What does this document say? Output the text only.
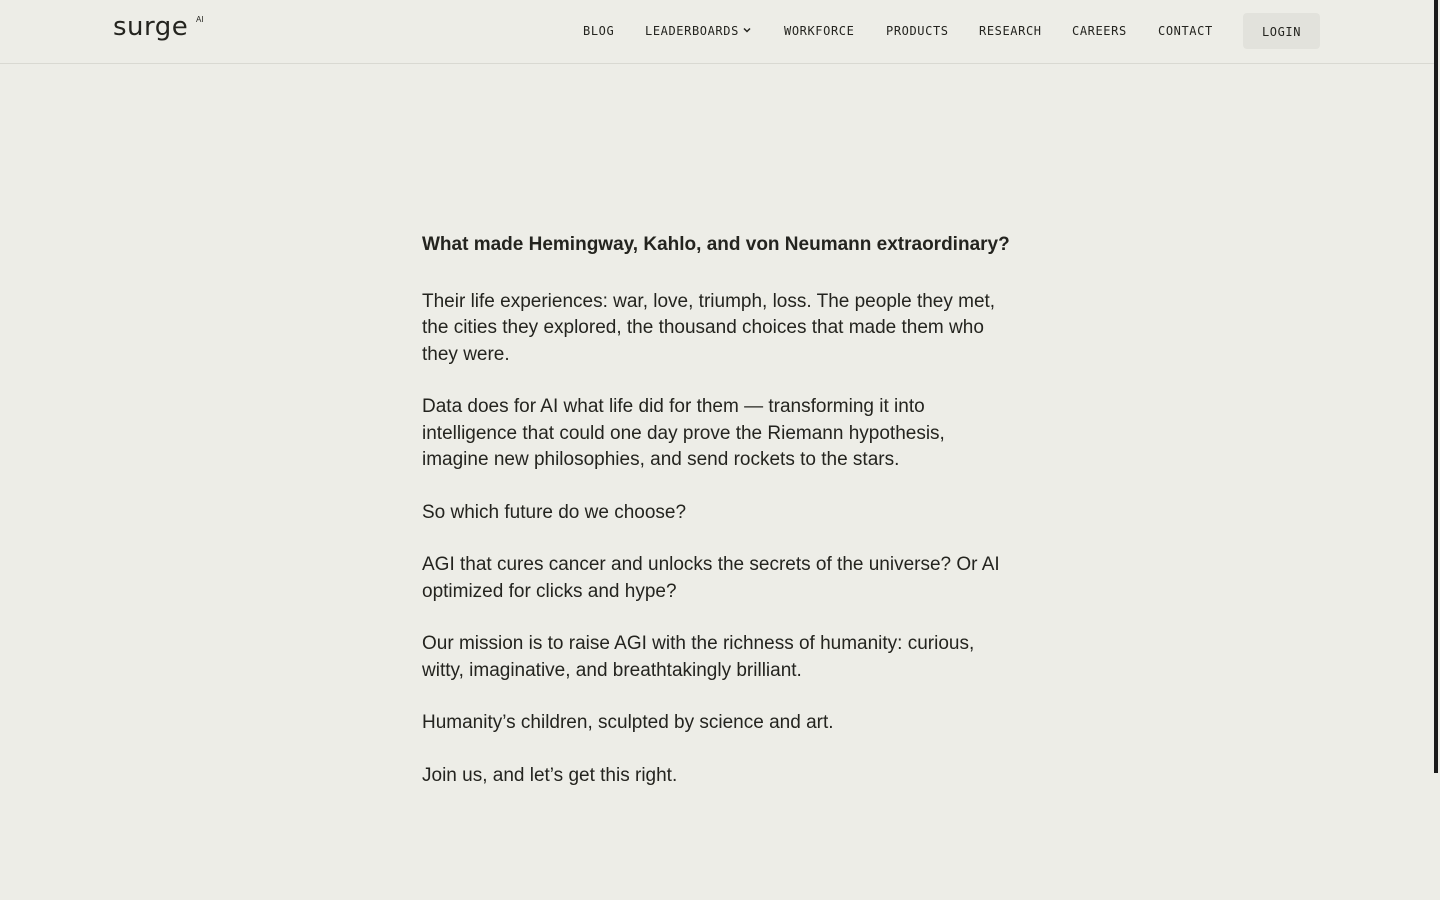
surge AI
BLOG	LEADERBOARDS	WORKFORCE	PRODUCTS	RESEARCH	CAREERS	CONTACT	LOGIN

What made Hemingway, Kahlo, and von Neumann extraordinary?

Their life experiences: war, love, triumph, loss. The people they met, the cities they explored, the thousand choices that made them who they were.

Data does for AI what life did for them — transforming it into intelligence that could one day prove the Riemann hypothesis, imagine new philosophies, and send rockets to the stars.

So which future do we choose?

AGI that cures cancer and unlocks the secrets of the universe? Or AI optimized for clicks and hype?

Our mission is to raise AGI with the richness of humanity: curious, witty, imaginative, and breathtakingly brilliant.

Humanity’s children, sculpted by science and art.

Join us, and let’s get this right.
